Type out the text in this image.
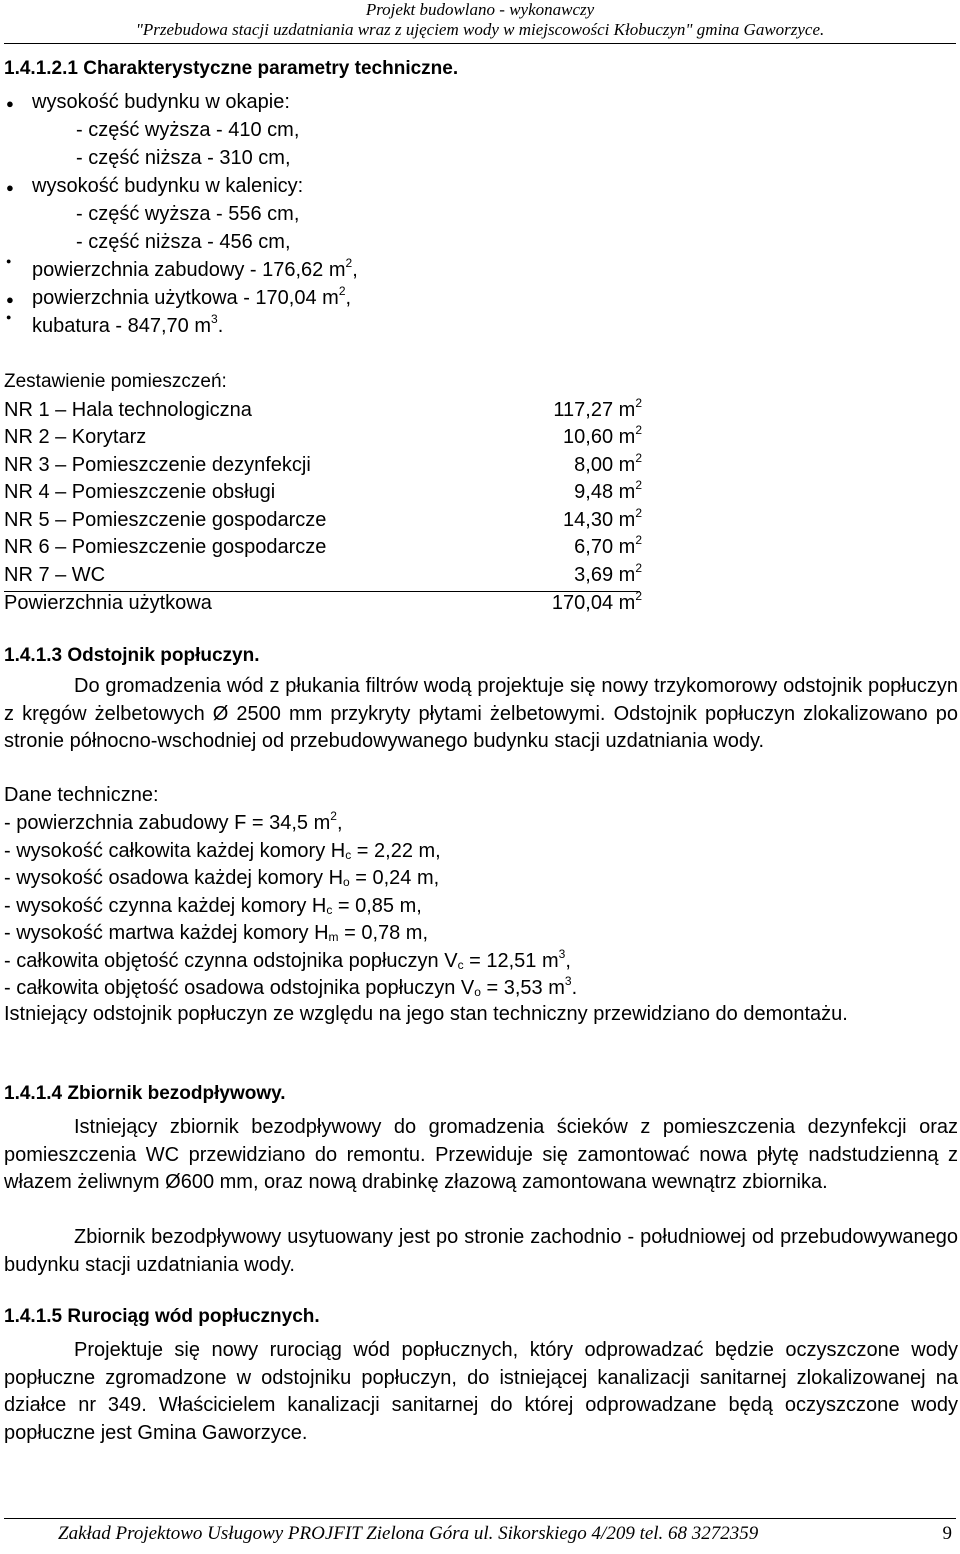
Projekt budowlano - wykonawczy
"Przebudowa stacji uzdatniania wraz z ujęciem wody w miejscowości Kłobuczyn" gmina Gaworzyce.
1.4.1.2.1 Charakterystyczne parametry techniczne.
● wysokość budynku w okapie:
- część wyższa - 410 cm,
- część niższa - 310 cm,
● wysokość budynku w kalenicy:
- część wyższa - 556 cm,
- część niższa - 456 cm,
● powierzchnia zabudowy - 176,62 $m^2$,
● powierzchnia użytkowa - 170,04 $m^2$,
● kubatura - 847,70 $m^3$.
Zestawienie pomieszczeń:
NR 1 – Hala technologiczna	117,27 $m^2$
NR 2 – Korytarz	10,60 $m^2$
NR 3 – Pomieszczenie dezynfekcji	8,00 $m^2$
NR 4 – Pomieszczenie obsługi	9,48 $m^2$
NR 5 – Pomieszczenie gospodarcze	14,30 $m^2$
NR 6 – Pomieszczenie gospodarcze	6,70 $m^2$
NR 7 – WC	3,69 $m^2$
Powierzchnia użytkowa	170,04 $m^2$
1.4.1.3 Odstojnik popłuczyn.
Do gromadzenia wód z płukania filtrów wodą projektuje się nowy trzykomorowy odstojnik popłuczyn z kręgów żelbetowych Ø 2500 mm przykryty płytami żelbetowymi. Odstojnik popłuczyn zlokalizowano po stronie północno-wschodniej od przebudowywanego budynku stacji uzdatniania wody.
Dane techniczne:
- powierzchnia zabudowy F = 34,5 $m^2$,
- wysokość całkowita każdej komory $H_c = 2,22$ m,
- wysokość osadowa każdej komory $H_o = 0,24$ m,
- wysokość czynna każdej komory $H_c = 0,85$ m,
- wysokość martwa każdej komory $H_m = 0,78$ m,
- całkowita objętość czynna odstojnika popłuczyn $V_c = 12,51$ $m^3$,
- całkowita objętość osadowa odstojnika popłuczyn $V_o = 3,53$ $m^3$.
Istniejący odstojnik popłuczyn ze względu na jego stan techniczny przewidziano do demontażu.
1.4.1.4 Zbiornik bezodpływowy.
Istniejący zbiornik bezodpływowy do gromadzenia ścieków z pomieszczenia dezynfekcji oraz pomieszczenia WC przewidziano do remontu. Przewiduje się zamontować nowa płytę nadstudzienną z włazem żeliwnym Ø600 mm, oraz nową drabinkę złazową zamontowana wewnątrz zbiornika.
Zbiornik bezodpływowy usytuowany jest po stronie zachodnio - południowej od przebudowywanego budynku stacji uzdatniania wody.
1.4.1.5 Rurociąg wód popłucznych.
Projektuje się nowy rurociąg wód popłucznych, który odprowadzać będzie oczyszczone wody popłuczne zgromadzone w odstojniku popłuczyn, do istniejącej kanalizacji sanitarnej zlokalizowanej na działce nr 349. Właścicielem kanalizacji sanitarnej do której odprowadzane będą oczyszczone wody popłuczne jest Gmina Gaworzyce.
Zakład Projektowo Usługowy PROJFIT Zielona Góra ul. Sikorskiego 4/209 tel. 68 3272359	9
